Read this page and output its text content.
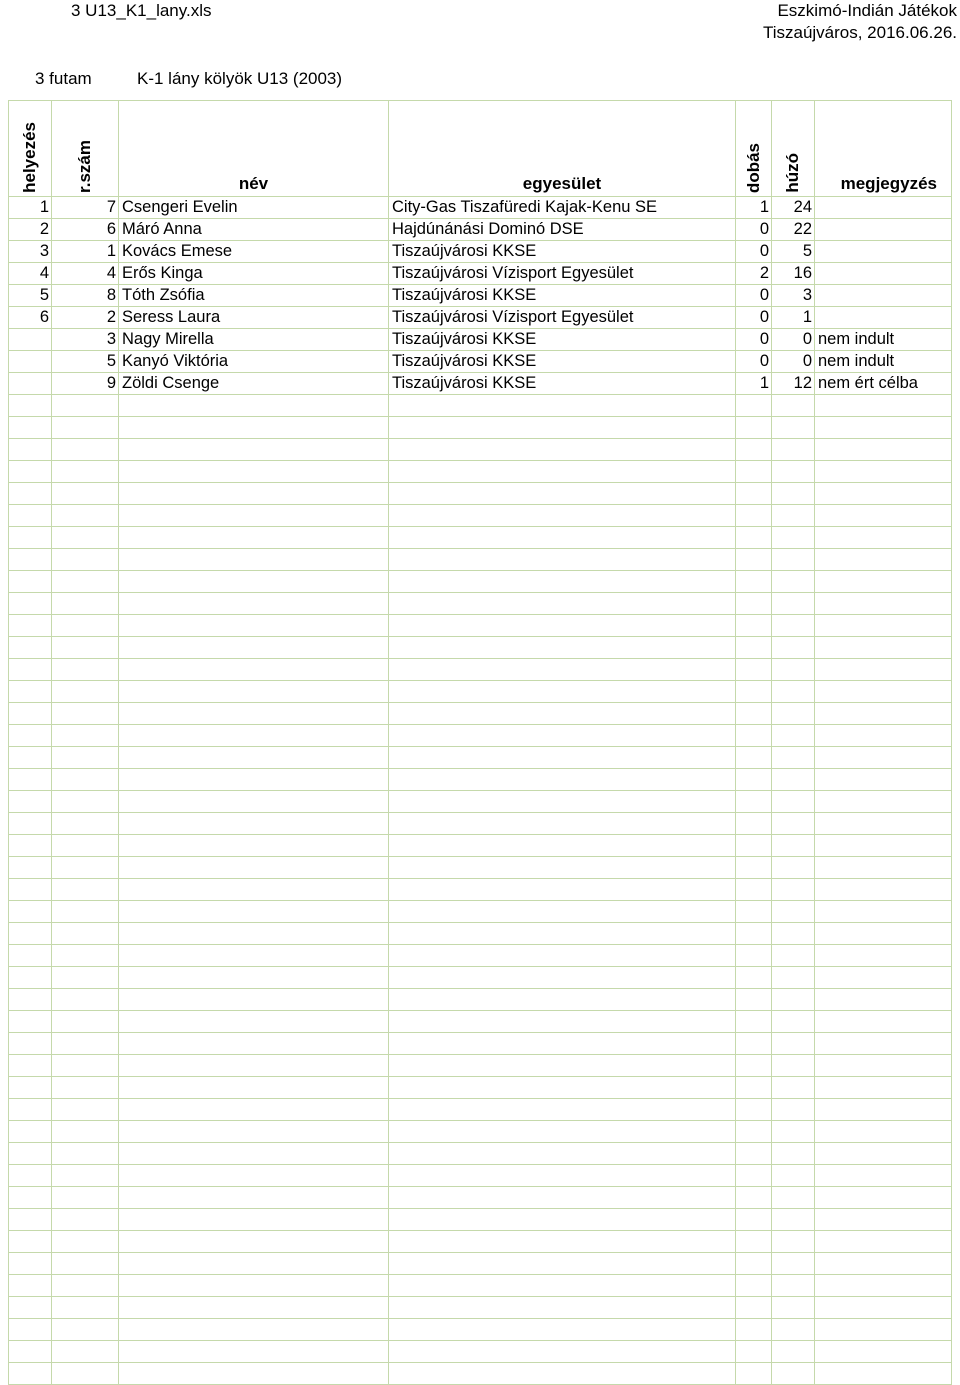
3 U13_K1_lany.xls	Eszkimó-Indián Játékok
Tiszaújváros, 2016.06.26.
3 futam	K-1 lány kölyök U13 (2003)
helyezés	r.szám	név	egyesület	dobás	húzó	megjegyzés
1	7	Csengeri Evelin	City-Gas Tiszafüredi Kajak-Kenu SE	1	24	
2	6	Máró Anna	Hajdúnánási Dominó DSE	0	22	
3	1	Kovács Emese	Tiszaújvárosi KKSE	0	5	
4	4	Erős Kinga	Tiszaújvárosi Vízisport Egyesület	2	16	
5	8	Tóth Zsófia	Tiszaújvárosi KKSE	0	3	
6	2	Seress Laura	Tiszaújvárosi Vízisport Egyesület	0	1	
	3	Nagy Mirella	Tiszaújvárosi KKSE	0	0	nem indult
	5	Kanyó Viktória	Tiszaújvárosi KKSE	0	0	nem indult
	9	Zöldi Csenge	Tiszaújvárosi KKSE	1	12	nem ért célba
